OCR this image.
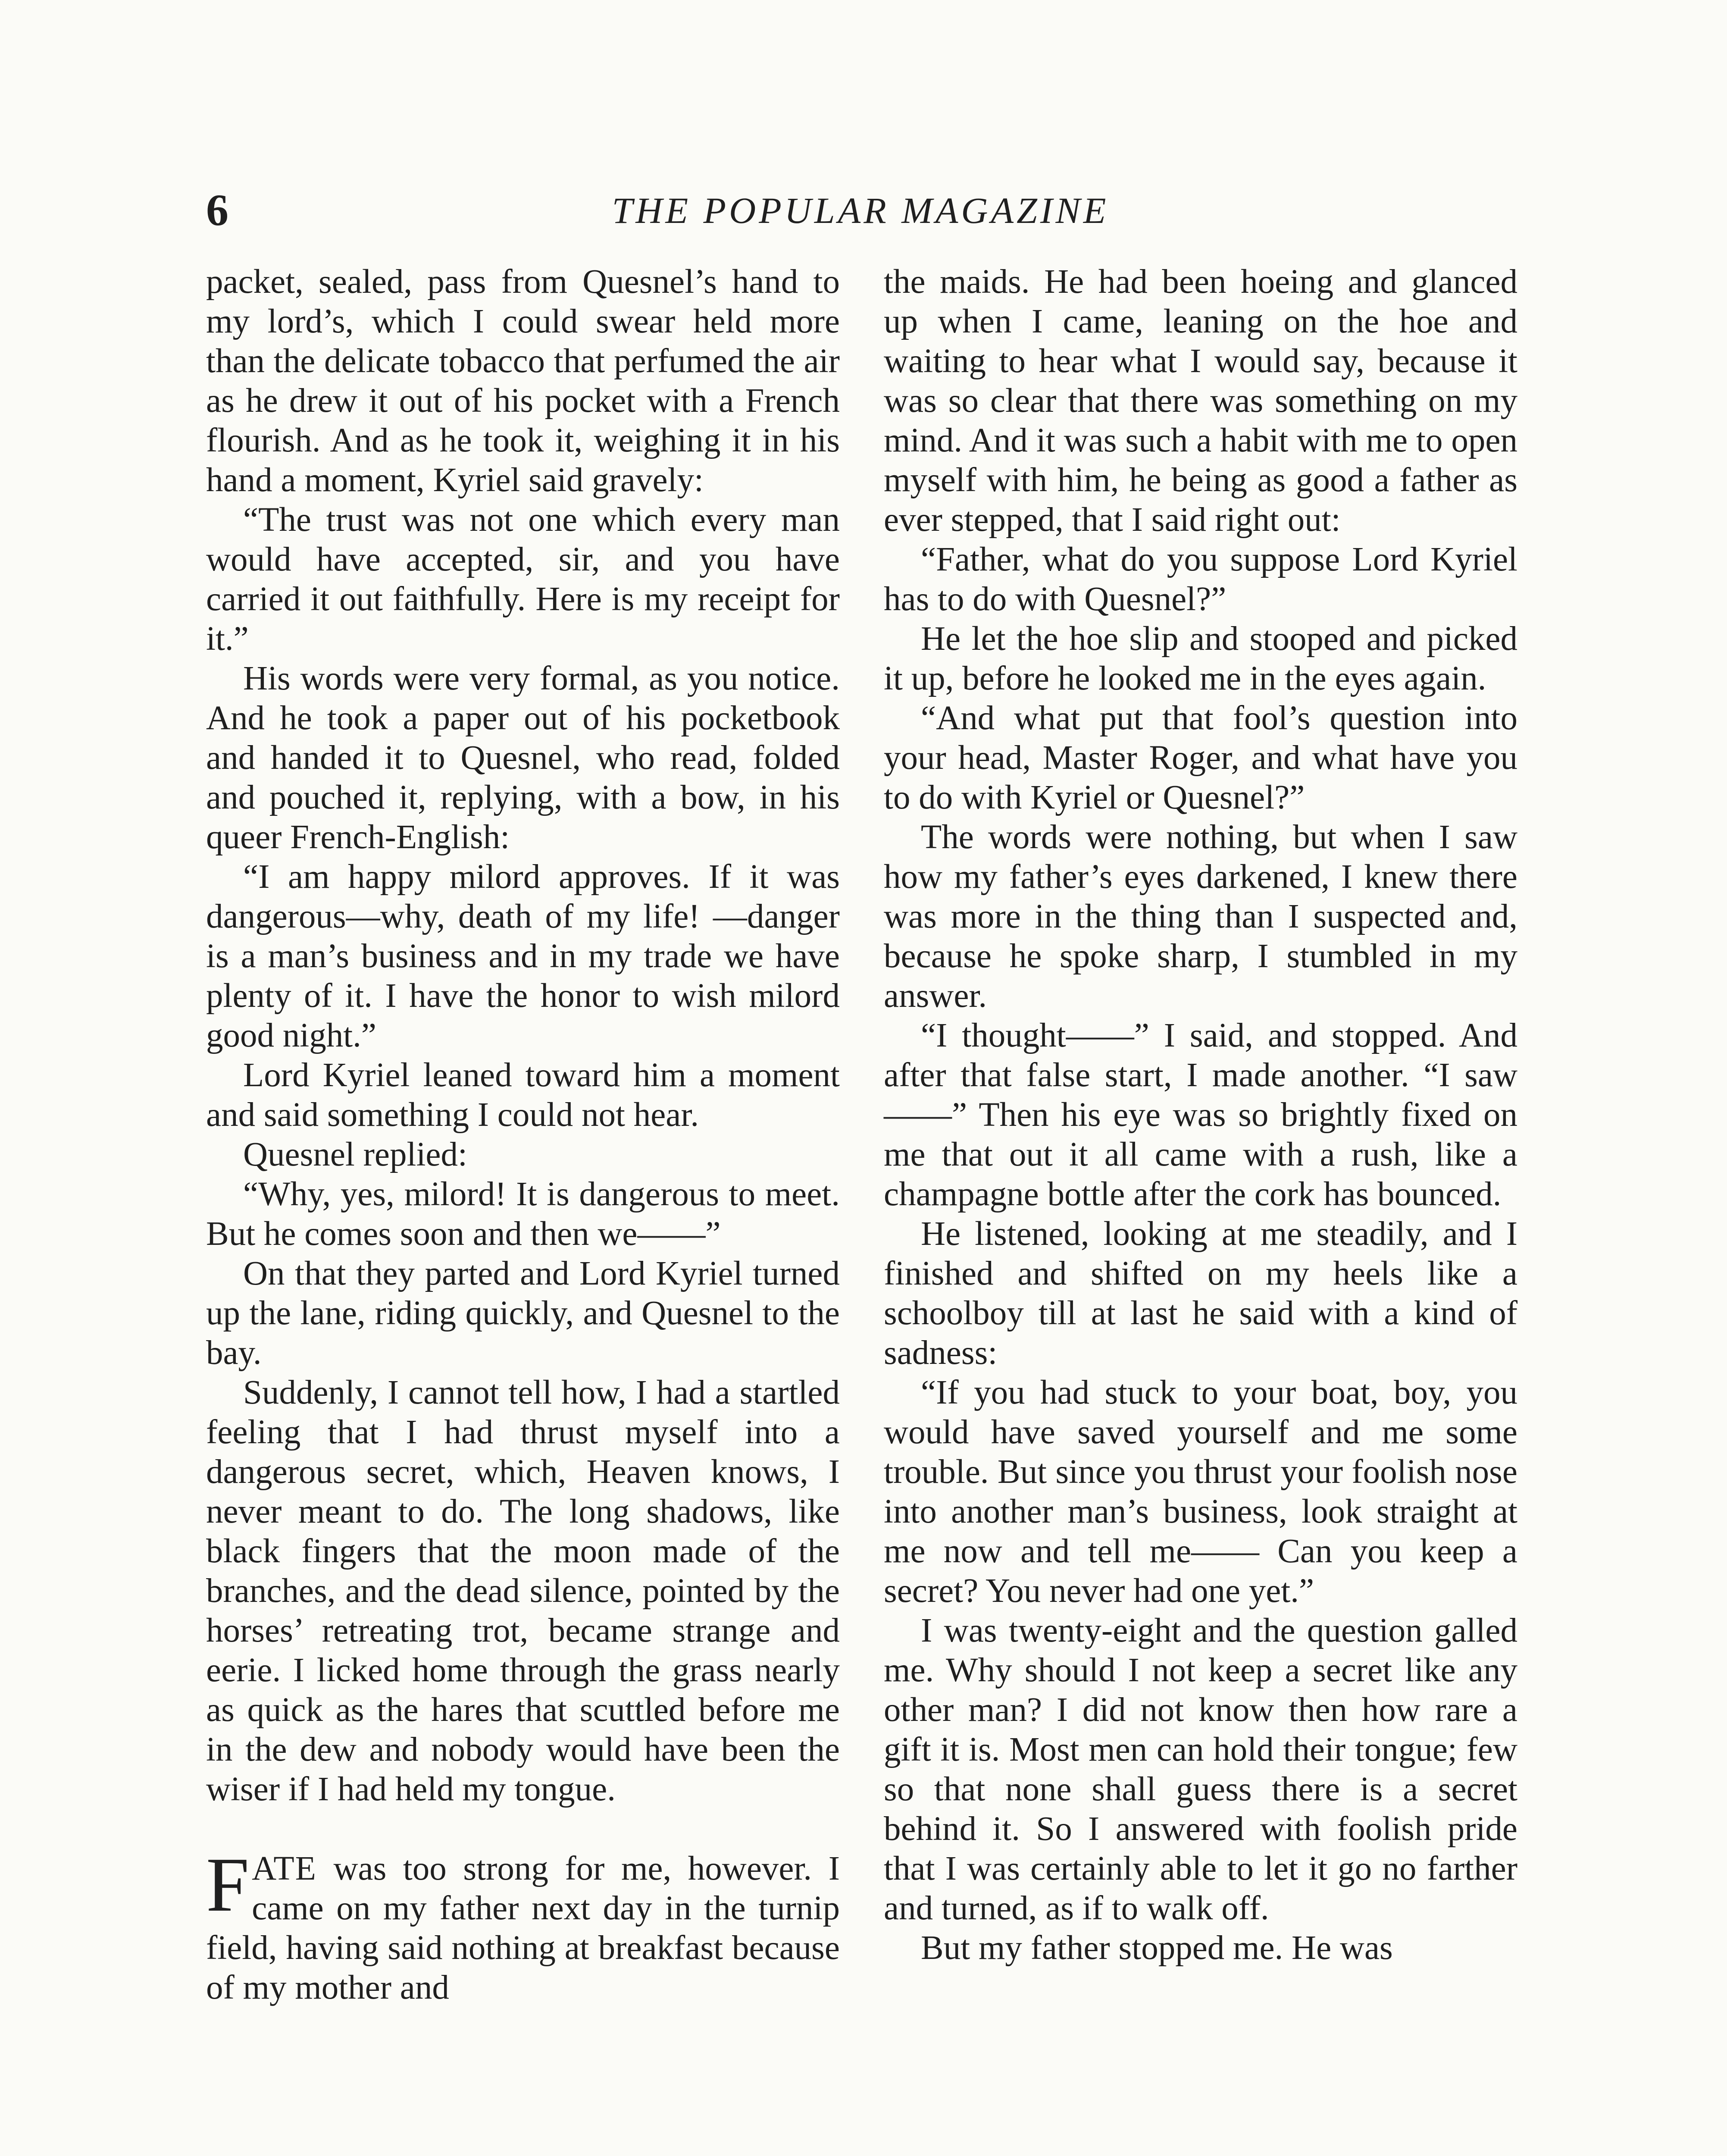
6	THE POPULAR MAGAZINE

packet, sealed, pass from Quesnel’s hand to my lord’s, which I could swear held more than the delicate tobacco that perfumed the air as he drew it out of his pocket with a French flourish. And as he took it, weighing it in his hand a moment, Kyriel said gravely:

“The trust was not one which every man would have accepted, sir, and you have carried it out faithfully. Here is my receipt for it.”

His words were very formal, as you notice. And he took a paper out of his pocketbook and handed it to Quesnel, who read, folded and pouched it, replying, with a bow, in his queer French-English:

“I am happy milord approves. If it was dangerous—why, death of my life! —danger is a man’s business and in my trade we have plenty of it. I have the honor to wish milord good night.”

Lord Kyriel leaned toward him a moment and said something I could not hear.

Quesnel replied:

“Why, yes, milord! It is dangerous to meet. But he comes soon and then we——”

On that they parted and Lord Kyriel turned up the lane, riding quickly, and Quesnel to the bay.

Suddenly, I cannot tell how, I had a startled feeling that I had thrust myself into a dangerous secret, which, Heaven knows, I never meant to do. The long shadows, like black fingers that the moon made of the branches, and the dead silence, pointed by the horses’ retreating trot, became strange and eerie. I licked home through the grass nearly as quick as the hares that scuttled before me in the dew and nobody would have been the wiser if I had held my tongue.

FATE was too strong for me, however. I came on my father next day in the turnip field, having said nothing at breakfast because of my mother and

the maids. He had been hoeing and glanced up when I came, leaning on the hoe and waiting to hear what I would say, because it was so clear that there was something on my mind. And it was such a habit with me to open myself with him, he being as good a father as ever stepped, that I said right out:

“Father, what do you suppose Lord Kyriel has to do with Quesnel?”

He let the hoe slip and stooped and picked it up, before he looked me in the eyes again.

“And what put that fool’s question into your head, Master Roger, and what have you to do with Kyriel or Quesnel?”

The words were nothing, but when I saw how my father’s eyes darkened, I knew there was more in the thing than I suspected and, because he spoke sharp, I stumbled in my answer.

“I thought——” I said, and stopped. And after that false start, I made another. “I saw——” Then his eye was so brightly fixed on me that out it all came with a rush, like a champagne bottle after the cork has bounced.

He listened, looking at me steadily, and I finished and shifted on my heels like a schoolboy till at last he said with a kind of sadness:

“If you had stuck to your boat, boy, you would have saved yourself and me some trouble. But since you thrust your foolish nose into another man’s business, look straight at me now and tell me—— Can you keep a secret? You never had one yet.”

I was twenty-eight and the question galled me. Why should I not keep a secret like any other man? I did not know then how rare a gift it is. Most men can hold their tongue; few so that none shall guess there is a secret behind it. So I answered with foolish pride that I was certainly able to let it go no farther and turned, as if to walk off.

But my father stopped me. He was
